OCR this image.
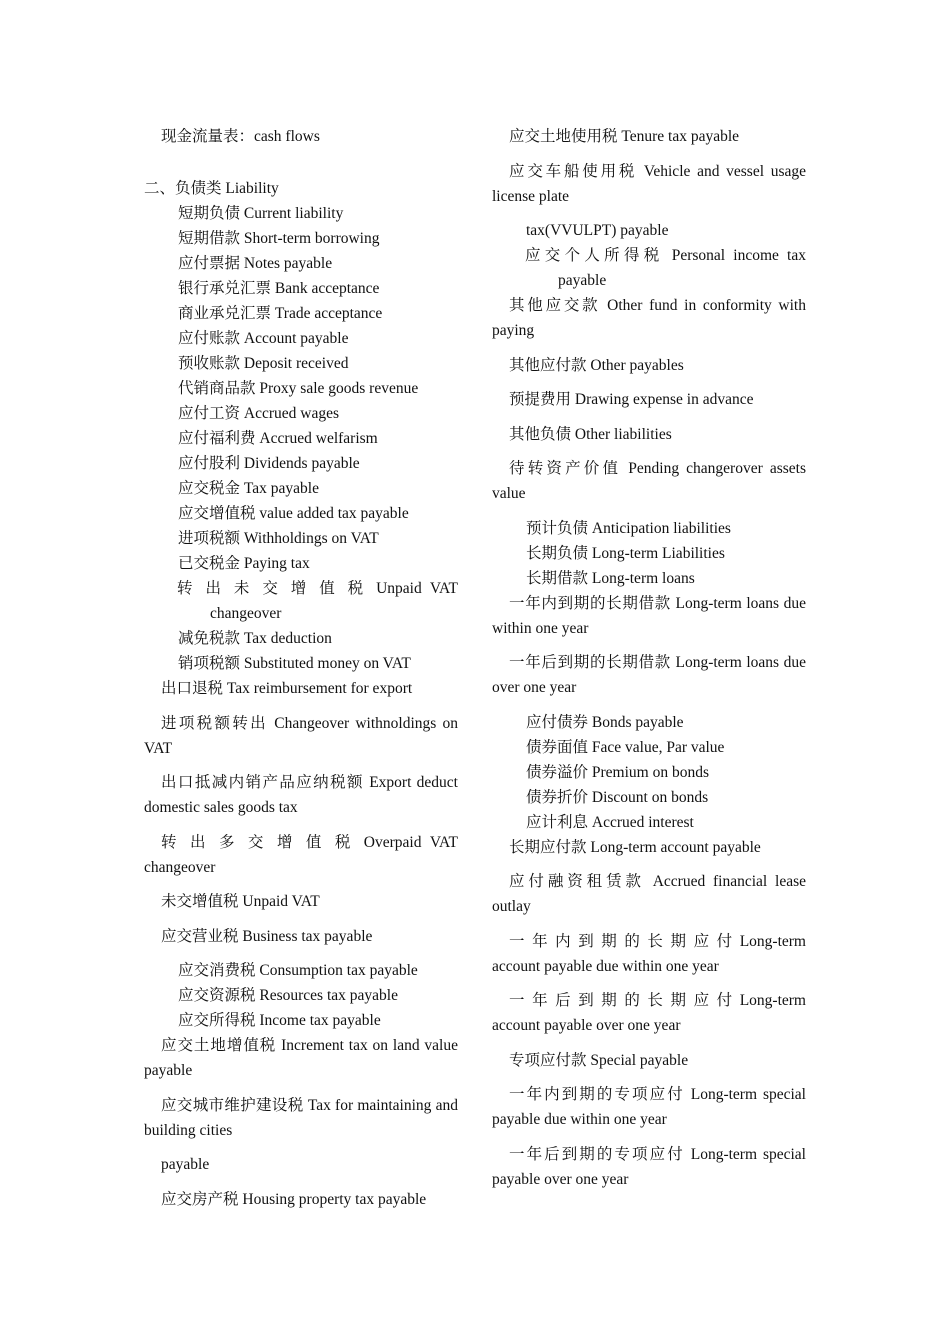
现金流量表：cash flows

二、负债类 Liability

短期负债 Current liability

短期借款 Short-term borrowing

应付票据 Notes payable

银行承兑汇票 Bank acceptance

商业承兑汇票 Trade acceptance

应付账款 Account payable

预收账款 Deposit received

代销商品款 Proxy sale goods revenue

应付工资 Accrued wages

应付福利费 Accrued welfarism

应付股利 Dividends payable

应交税金 Tax payable

应交增值税 value added tax payable

进项税额 Withholdings on VAT

已交税金 Paying tax

转 出 未 交 增 值 税 Unpaid VAT changeover

减免税款 Tax deduction

销项税额 Substituted money on VAT

出口退税 Tax reimbursement for export

进项税额转出 Changeover withnoldings on VAT

出口抵减内销产品应纳税额 Export deduct domestic sales goods tax

转 出 多 交 增 值 税 Overpaid VAT changeover

未交增值税 Unpaid VAT

应交营业税 Business tax payable

应交消费税 Consumption tax payable

应交资源税 Resources tax payable

应交所得税 Income tax payable

应交土地增值税 Increment tax on land value payable

应交城市维护建设税 Tax for maintaining and building cities

payable

应交房产税 Housing property tax payable

应交土地使用税 Tenure tax payable

应交车船使用税 Vehicle and vessel usage license plate

tax(VVULPT) payable

应交个人所得税 Personal income tax payable

其他应交款 Other fund in conformity with paying

其他应付款 Other payables

预提费用 Drawing expense in advance

其他负债 Other liabilities

待转资产价值 Pending changerover assets value

预计负债 Anticipation liabilities

长期负债 Long-term Liabilities

长期借款 Long-term loans

一年内到期的长期借款 Long-term loans due within one year

一年后到期的长期借款 Long-term loans due over one year

应付债券 Bonds payable

债券面值 Face value, Par value

债券溢价 Premium on bonds

债券折价 Discount on bonds

应计利息 Accrued interest

长期应付款 Long-term account payable

应付融资租赁款 Accrued financial lease outlay

一 年 内 到 期 的 长 期 应 付 Long-term account payable due within one year

一 年 后 到 期 的 长 期 应 付 Long-term account payable over one year

专项应付款 Special payable

一年内到期的专项应付 Long-term special payable due within one year

一年后到期的专项应付 Long-term special payable over one year
